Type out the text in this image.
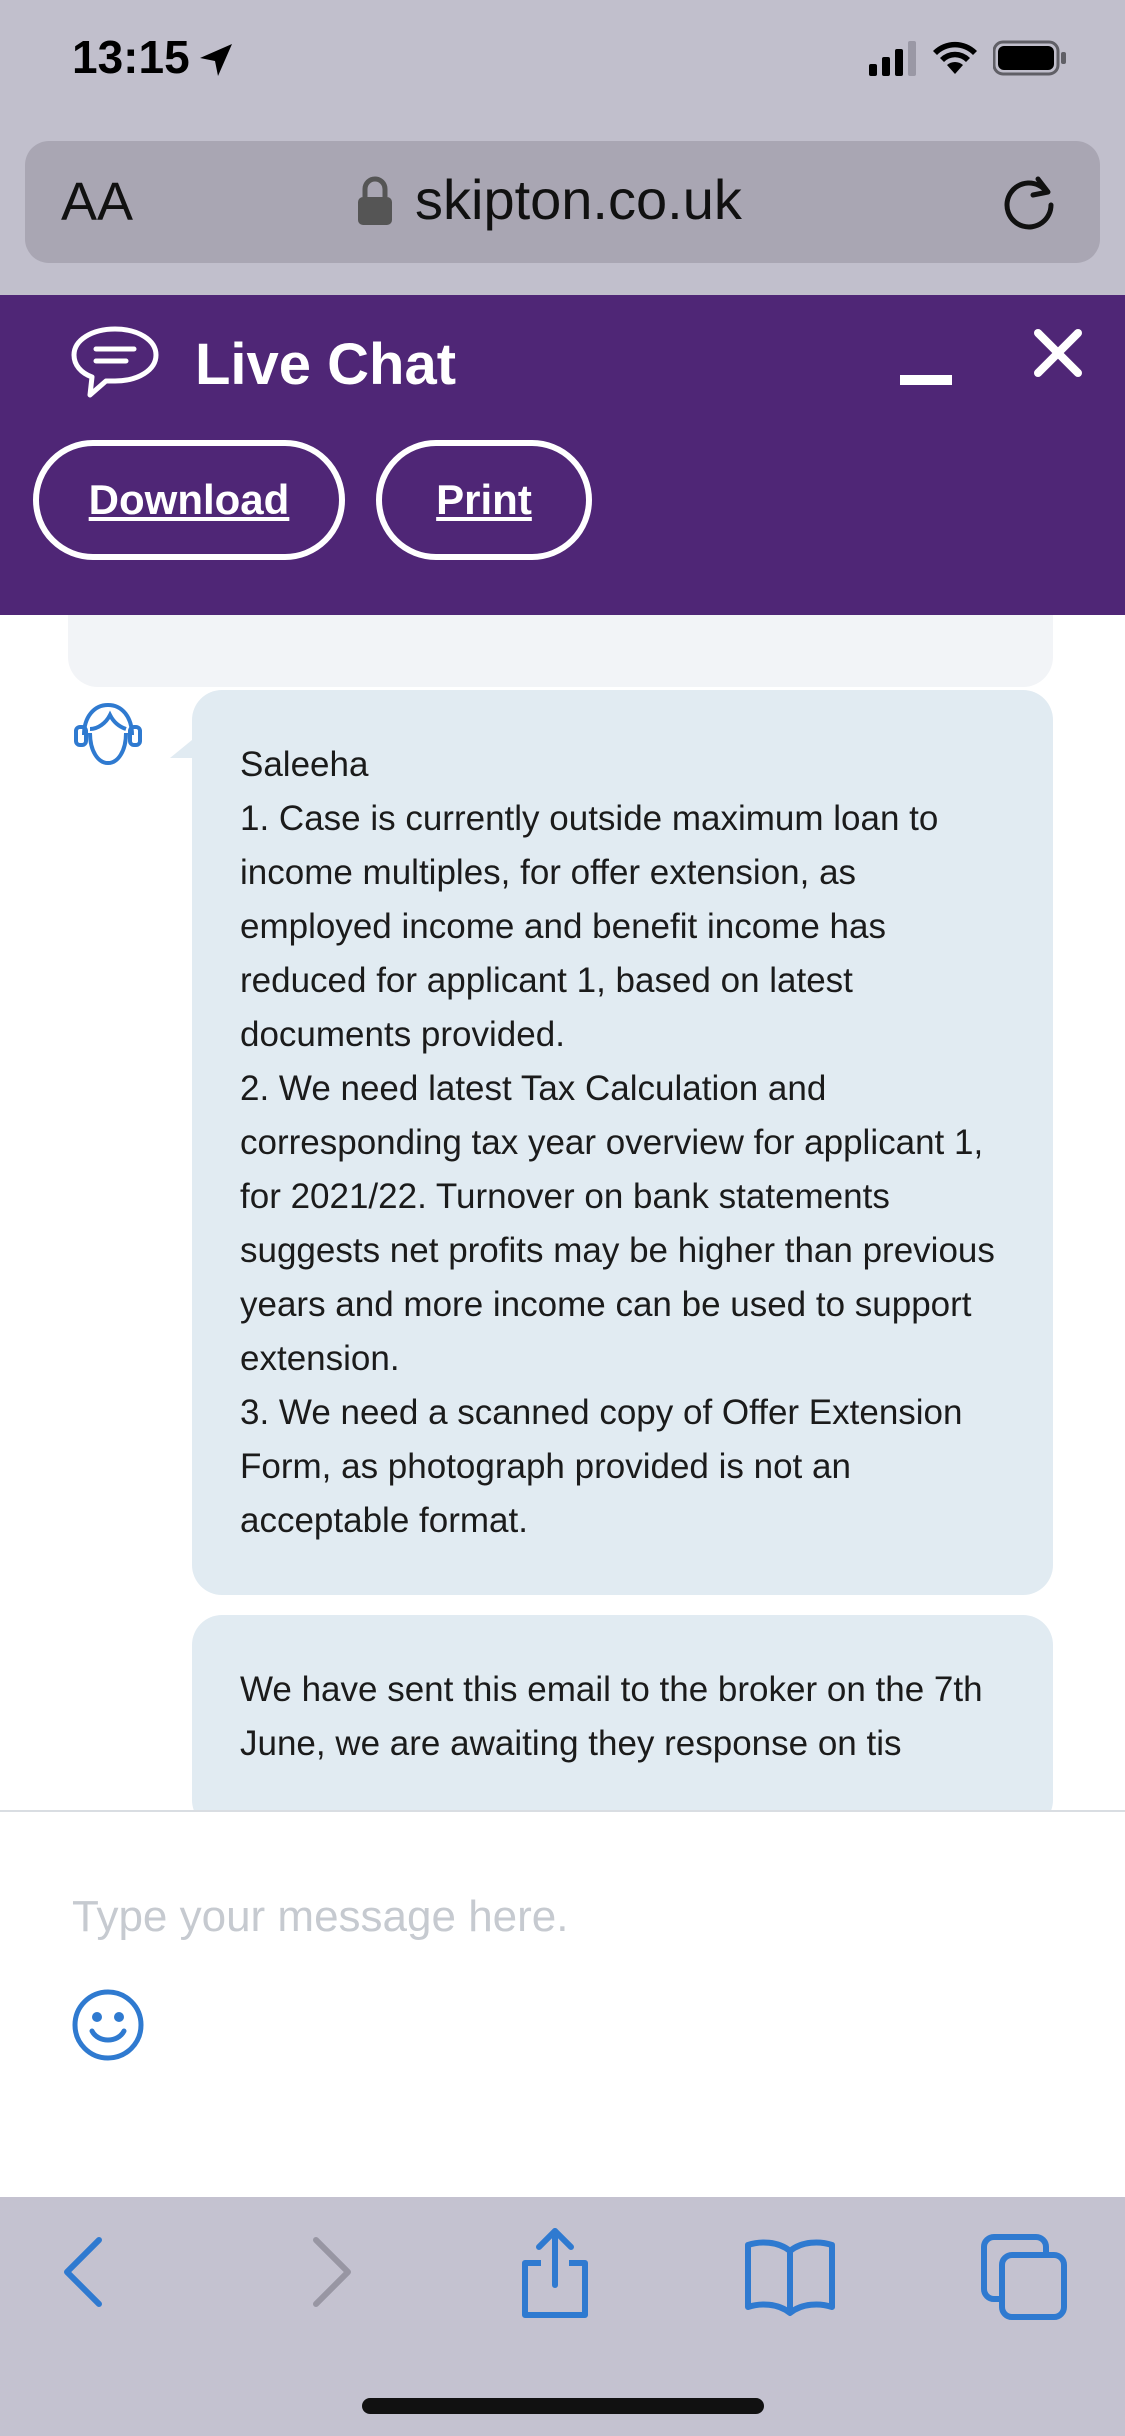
13:15
AA	skipton.co.uk
Live Chat
Download	Print

Saleeha

1. Case is currently outside maximum loan to income multiples, for offer extension, as employed income and benefit income has reduced for applicant 1, based on latest documents provided.

2. We need latest Tax Calculation and corresponding tax year overview for applicant 1, for 2021/22. Turnover on bank statements suggests net profits may be higher than previous years and more income can be used to support extension.

3. We need a scanned copy of Offer Extension Form, as photograph provided is not an acceptable format.

We have sent this email to the broker on the 7th June, we are awaiting they response on tis

Type your message here.
